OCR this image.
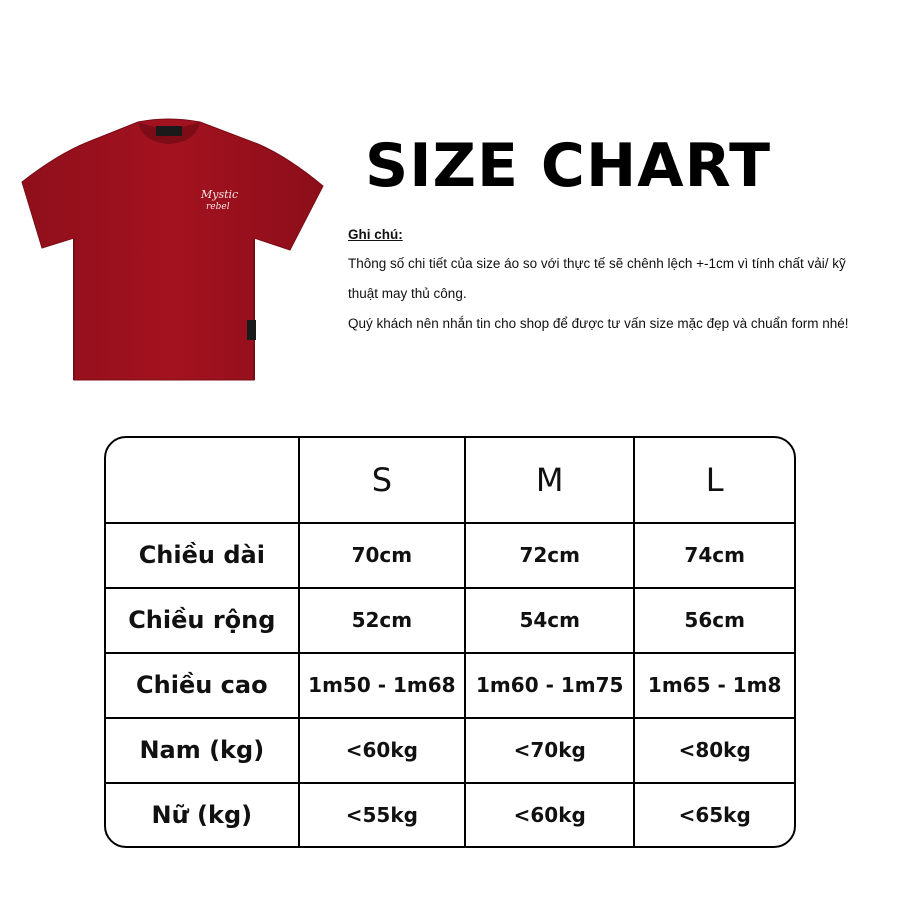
Mystic
rebel
SIZE CHART
Ghi chú:

Thông số chi tiết của size áo so với thực tế sẽ chênh lệch +-1cm vì tính chất vải/ kỹ thuật may thủ công.

Quý khách nên nhắn tin cho shop để được tư vấn size mặc đẹp và chuẩn form nhé!

	S	M	L
Chiều dài	70cm	72cm	74cm
Chiều rộng	52cm	54cm	56cm
Chiều cao	1m50 - 1m68	1m60 - 1m75	1m65 - 1m8
Nam (kg)	<60kg	<70kg	<80kg
Nữ (kg)	<55kg	<60kg	<65kg
